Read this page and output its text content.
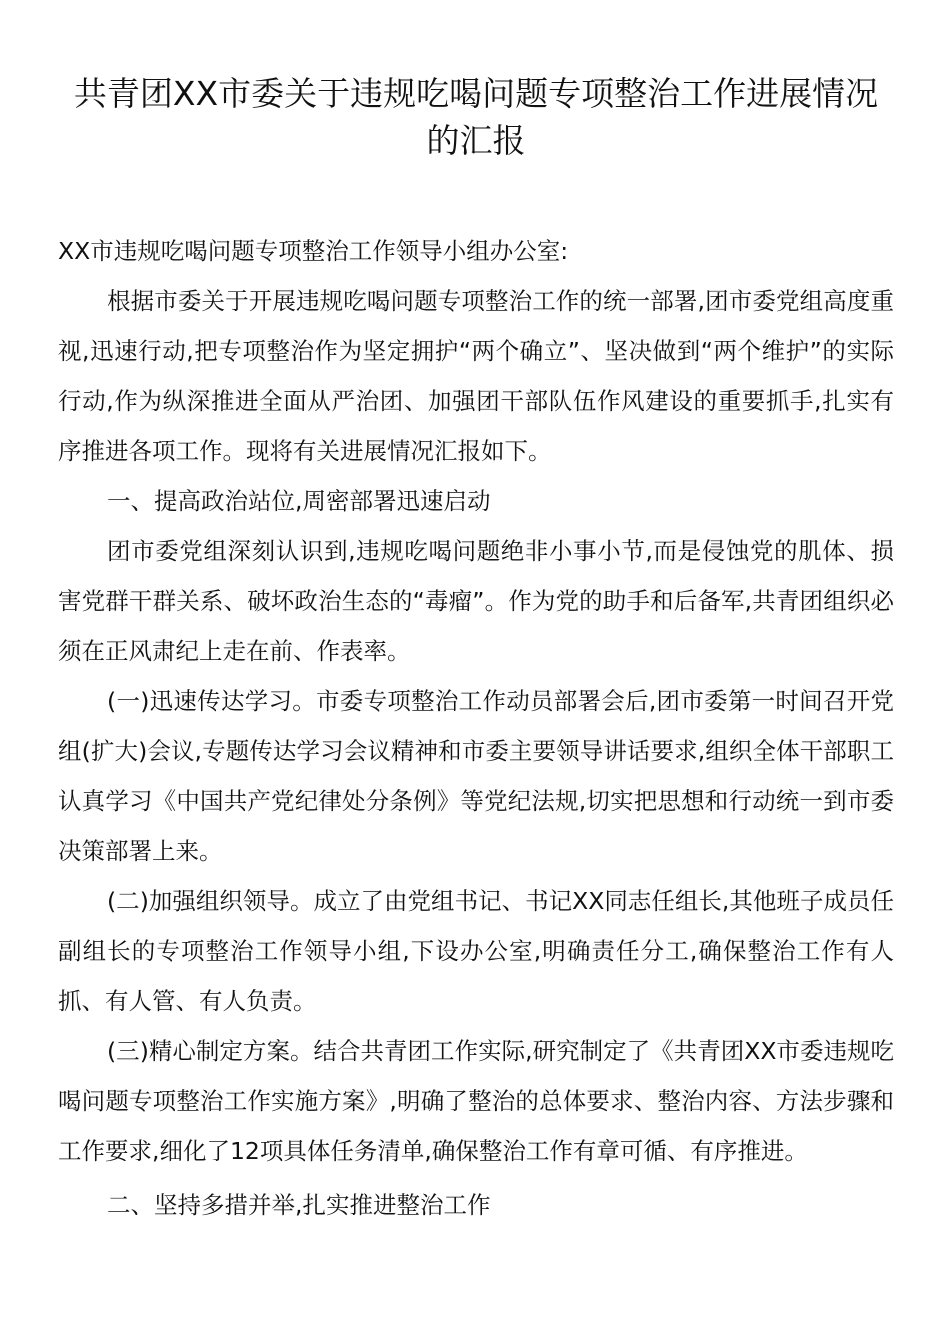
共青团XX市委关于违规吃喝问题专项整治工作进展情况的汇报

XX市违规吃喝问题专项整治工作领导小组办公室:

根据市委关于开展违规吃喝问题专项整治工作的统一部署,团市委党组高度重视,迅速行动,把专项整治作为坚定拥护“两个确立”、坚决做到“两个维护”的实际行动,作为纵深推进全面从严治团、加强团干部队伍作风建设的重要抓手,扎实有序推进各项工作。现将有关进展情况汇报如下。

一、提高政治站位,周密部署迅速启动

团市委党组深刻认识到,违规吃喝问题绝非小事小节,而是侵蚀党的肌体、损害党群干群关系、破坏政治生态的“毒瘤”。作为党的助手和后备军,共青团组织必须在正风肃纪上走在前、作表率。

(一)迅速传达学习。市委专项整治工作动员部署会后,团市委第一时间召开党组(扩大)会议,专题传达学习会议精神和市委主要领导讲话要求,组织全体干部职工认真学习《中国共产党纪律处分条例》等党纪法规,切实把思想和行动统一到市委决策部署上来。

(二)加强组织领导。成立了由党组书记、书记XX同志任组长,其他班子成员任副组长的专项整治工作领导小组,下设办公室,明确责任分工,确保整治工作有人抓、有人管、有人负责。

(三)精心制定方案。结合共青团工作实际,研究制定了《共青团XX市委违规吃喝问题专项整治工作实施方案》,明确了整治的总体要求、整治内容、方法步骤和工作要求,细化了12项具体任务清单,确保整治工作有章可循、有序推进。

二、坚持多措并举,扎实推进整治工作
